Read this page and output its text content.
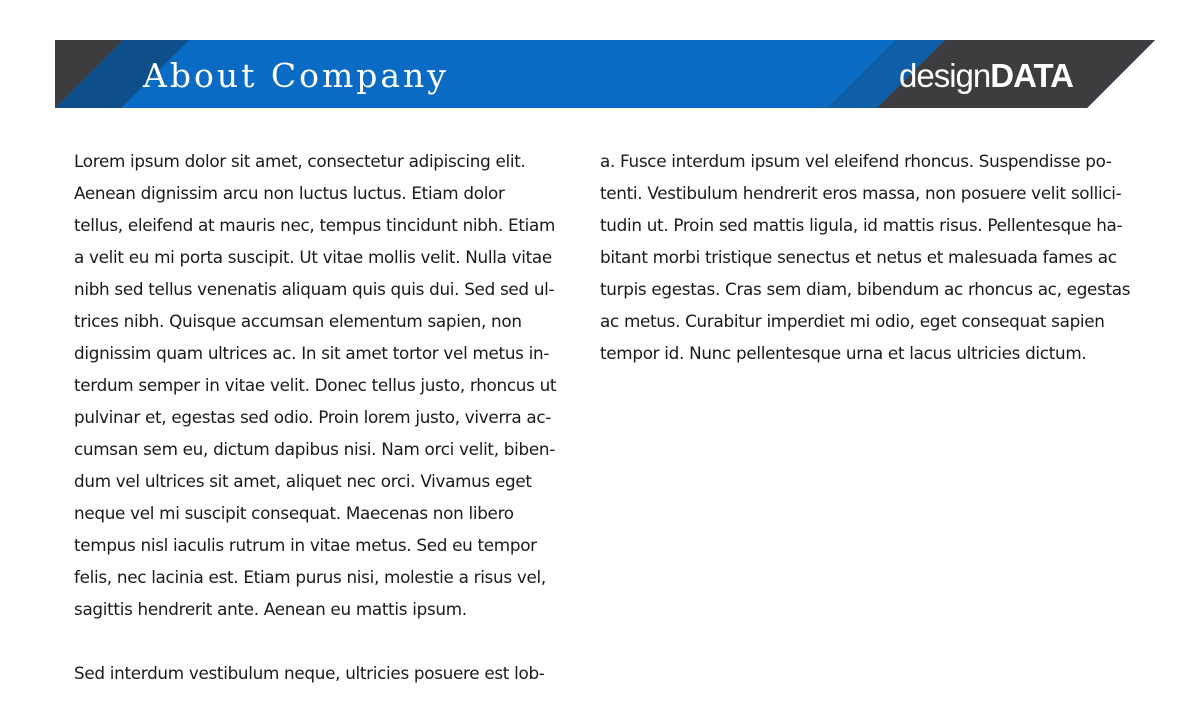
About Company	designDATA

Lorem ipsum dolor sit amet, consectetur adipiscing elit.

Aenean dignissim arcu non luctus luctus. Etiam dolor

tellus, eleifend at mauris nec, tempus tincidunt nibh. Etiam

a velit eu mi porta suscipit. Ut vitae mollis velit. Nulla vitae

nibh sed tellus venenatis aliquam quis quis dui. Sed sed ul-

trices nibh. Quisque accumsan elementum sapien, non

dignissim quam ultrices ac. In sit amet tortor vel metus in-

terdum semper in vitae velit. Donec tellus justo, rhoncus ut

pulvinar et, egestas sed odio. Proin lorem justo, viverra ac-

cumsan sem eu, dictum dapibus nisi. Nam orci velit, biben-

dum vel ultrices sit amet, aliquet nec orci. Vivamus eget

neque vel mi suscipit consequat. Maecenas non libero

tempus nisl iaculis rutrum in vitae metus. Sed eu tempor

felis, nec lacinia est. Etiam purus nisi, molestie a risus vel,

sagittis hendrerit ante. Aenean eu mattis ipsum.

Sed interdum vestibulum neque, ultricies posuere est lob-

a. Fusce interdum ipsum vel eleifend rhoncus. Suspendisse po-

tenti. Vestibulum hendrerit eros massa, non posuere velit sollici-

tudin ut. Proin sed mattis ligula, id mattis risus. Pellentesque ha-

bitant morbi tristique senectus et netus et malesuada fames ac

turpis egestas. Cras sem diam, bibendum ac rhoncus ac, egestas

ac metus. Curabitur imperdiet mi odio, eget consequat sapien

tempor id. Nunc pellentesque urna et lacus ultricies dictum.
